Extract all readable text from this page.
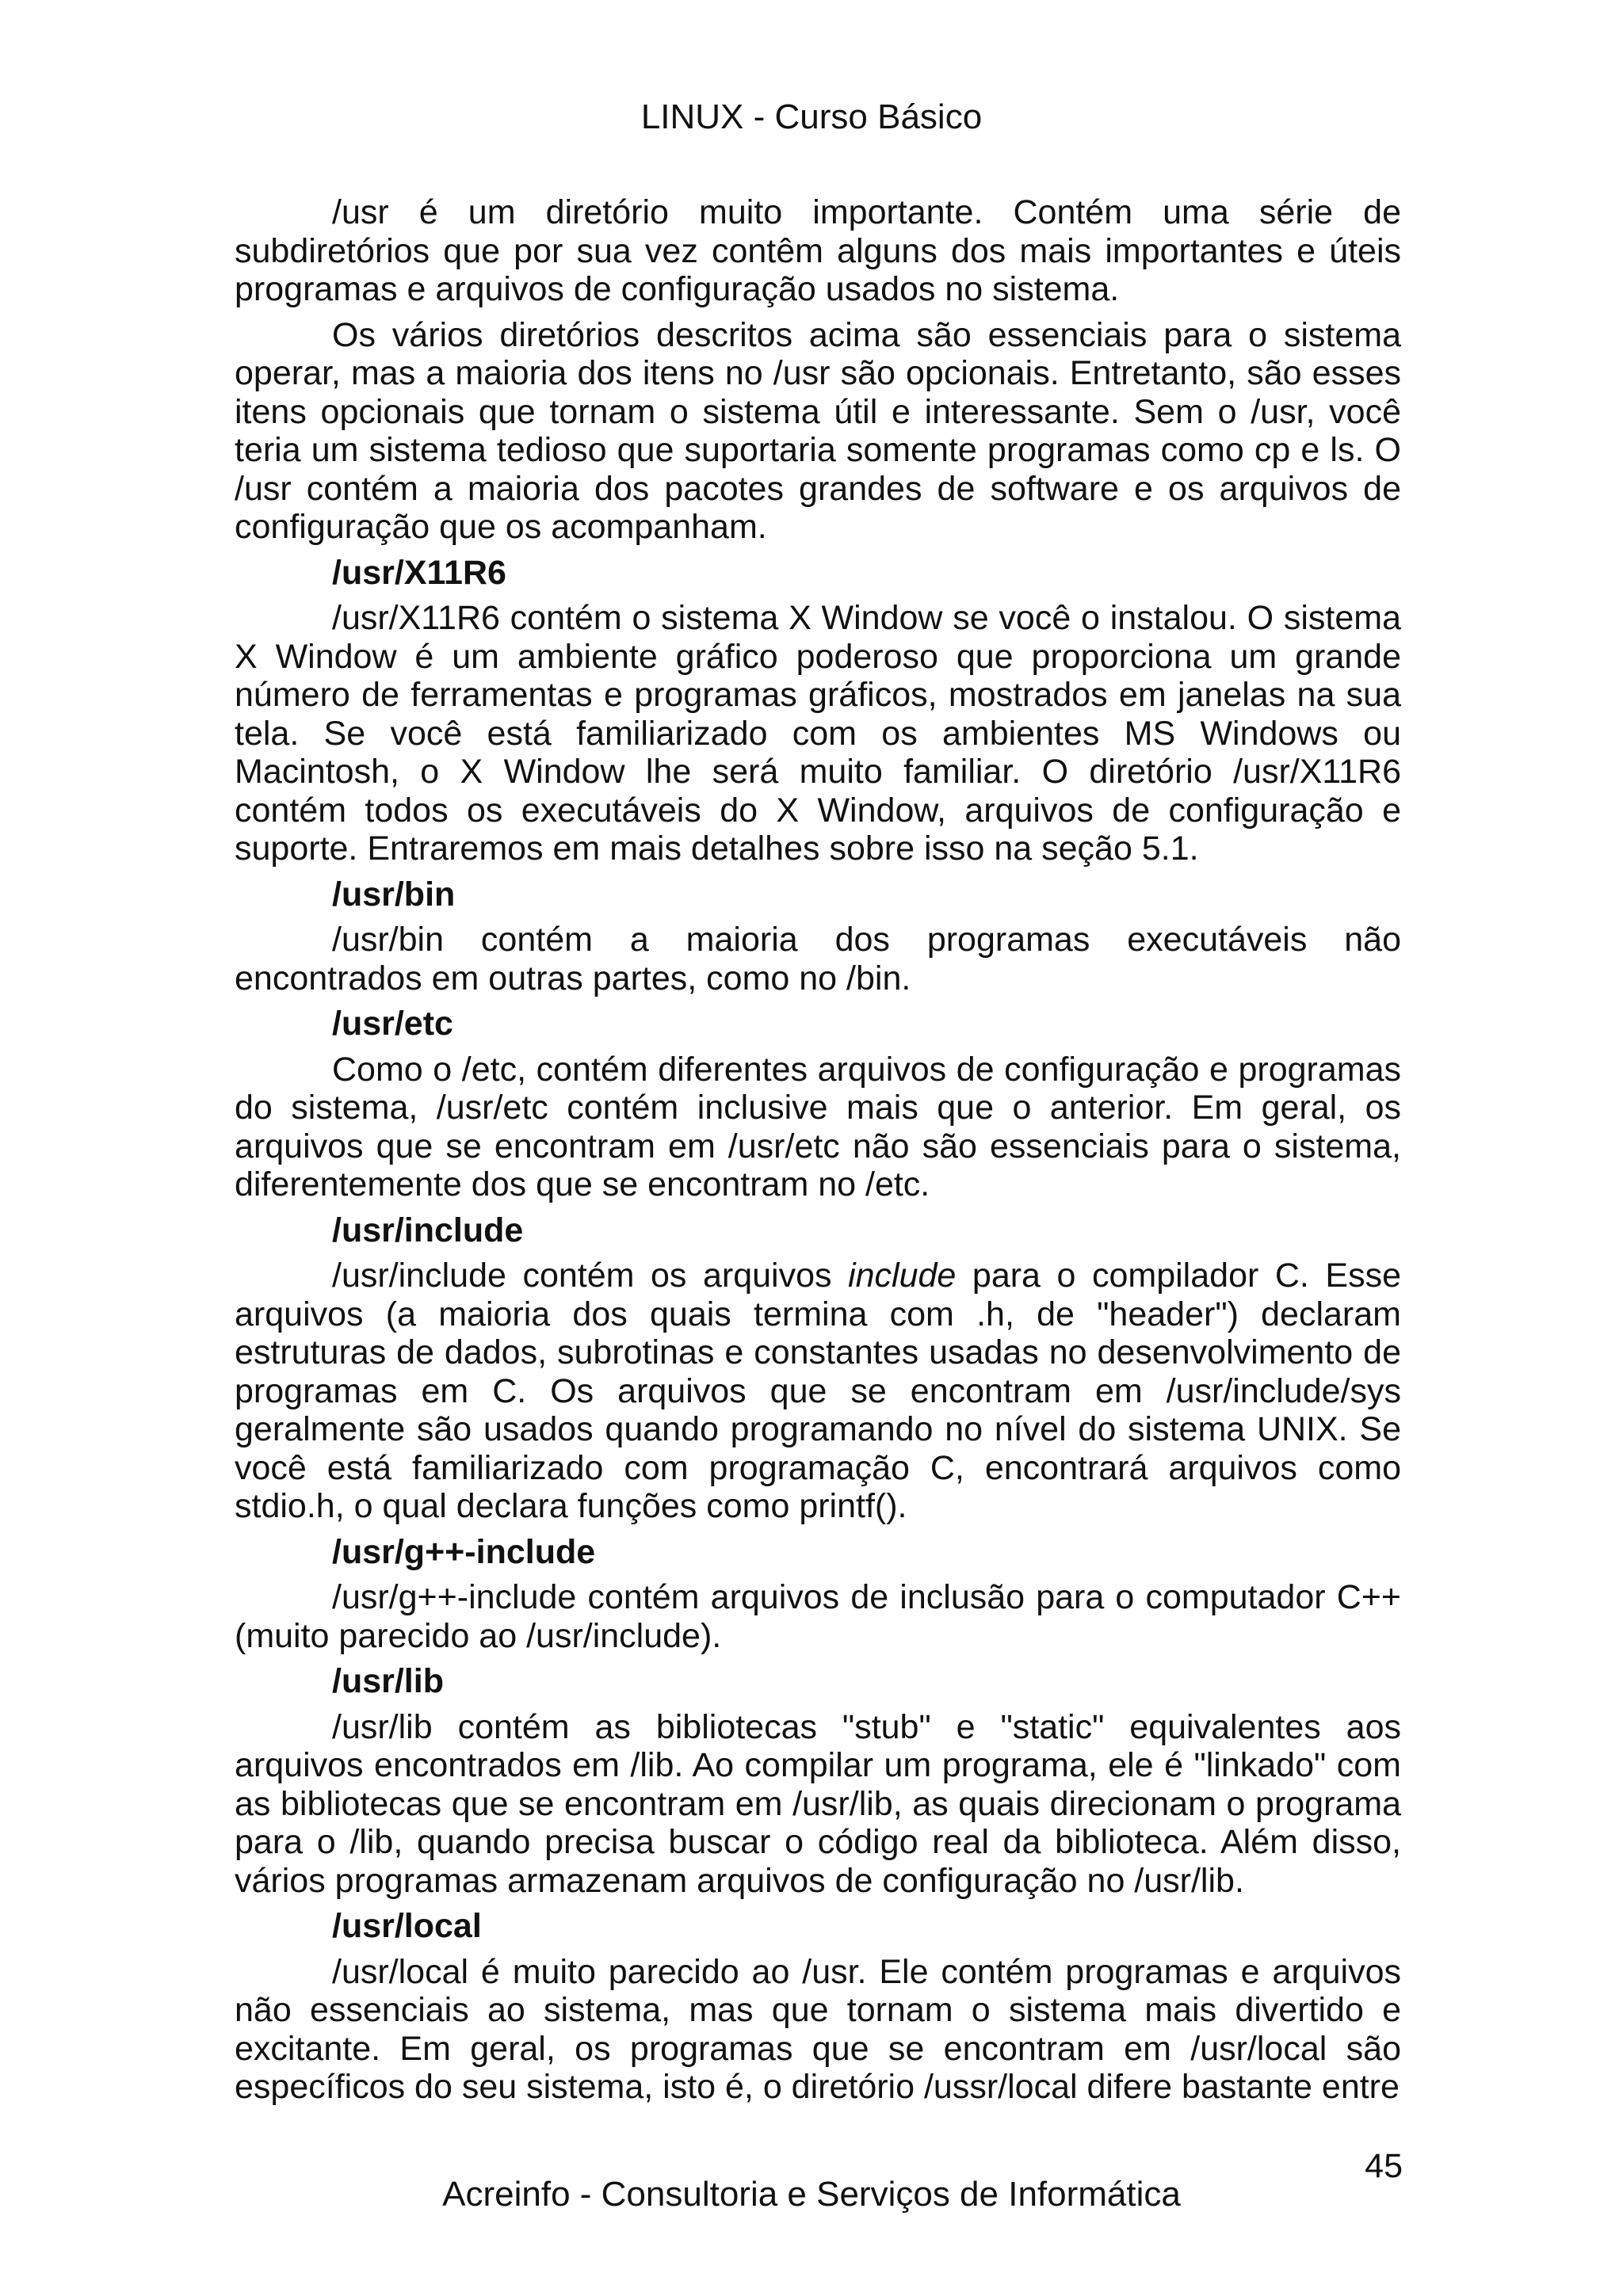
LINUX - Curso Básico

/usr é um diretório muito importante. Contém uma série de subdiretórios que por sua vez contêm alguns dos mais importantes e úteis programas e arquivos de configuração usados no sistema.

Os vários diretórios descritos acima são essenciais para o sistema operar, mas a maioria dos itens no /usr são opcionais. Entretanto, são esses itens opcionais que tornam o sistema útil e interessante. Sem o /usr, você teria um sistema tedioso que suportaria somente programas como cp e ls. O /usr contém a maioria dos pacotes grandes de software e os arquivos de configuração que os acompanham.

/usr/X11R6

/usr/X11R6 contém o sistema X Window se você o instalou. O sistema X Window é um ambiente gráfico poderoso que proporciona um grande número de ferramentas e programas gráficos, mostrados em janelas na sua tela. Se você está familiarizado com os ambientes MS Windows ou Macintosh, o X Window lhe será muito familiar. O diretório /usr/X11R6 contém todos os executáveis do X Window, arquivos de configuração e suporte. Entraremos em mais detalhes sobre isso na seção 5.1.

/usr/bin

/usr/bin contém a maioria dos programas executáveis não encontrados em outras partes, como no /bin.

/usr/etc

Como o /etc, contém diferentes arquivos de configuração e programas do sistema, /usr/etc contém inclusive mais que o anterior. Em geral, os arquivos que se encontram em /usr/etc não são essenciais para o sistema, diferentemente dos que se encontram no /etc.

/usr/include

/usr/include contém os arquivos include para o compilador C. Esse arquivos (a maioria dos quais termina com .h, de "header") declaram estruturas de dados, subrotinas e constantes usadas no desenvolvimento de programas em C. Os arquivos que se encontram em /usr/include/sys geralmente são usados quando programando no nível do sistema UNIX. Se você está familiarizado com programação C, encontrará arquivos como stdio.h, o qual declara funções como printf().

/usr/g++-include

/usr/g++-include contém arquivos de inclusão para o computador C++ (muito parecido ao /usr/include).

/usr/lib

/usr/lib contém as bibliotecas "stub" e "static" equivalentes aos arquivos encontrados em /lib. Ao compilar um programa, ele é "linkado" com as bibliotecas que se encontram em /usr/lib, as quais direcionam o programa para o /lib, quando precisa buscar o código real da biblioteca. Além disso, vários programas armazenam arquivos de configuração no /usr/lib.

/usr/local

/usr/local é muito parecido ao /usr. Ele contém programas e arquivos não essenciais ao sistema, mas que tornam o sistema mais divertido e excitante. Em geral, os programas que se encontram em /usr/local são específicos do seu sistema, isto é, o diretório /ussr/local difere bastante entre

Acreinfo - Consultoria e Serviços de Informática
45
